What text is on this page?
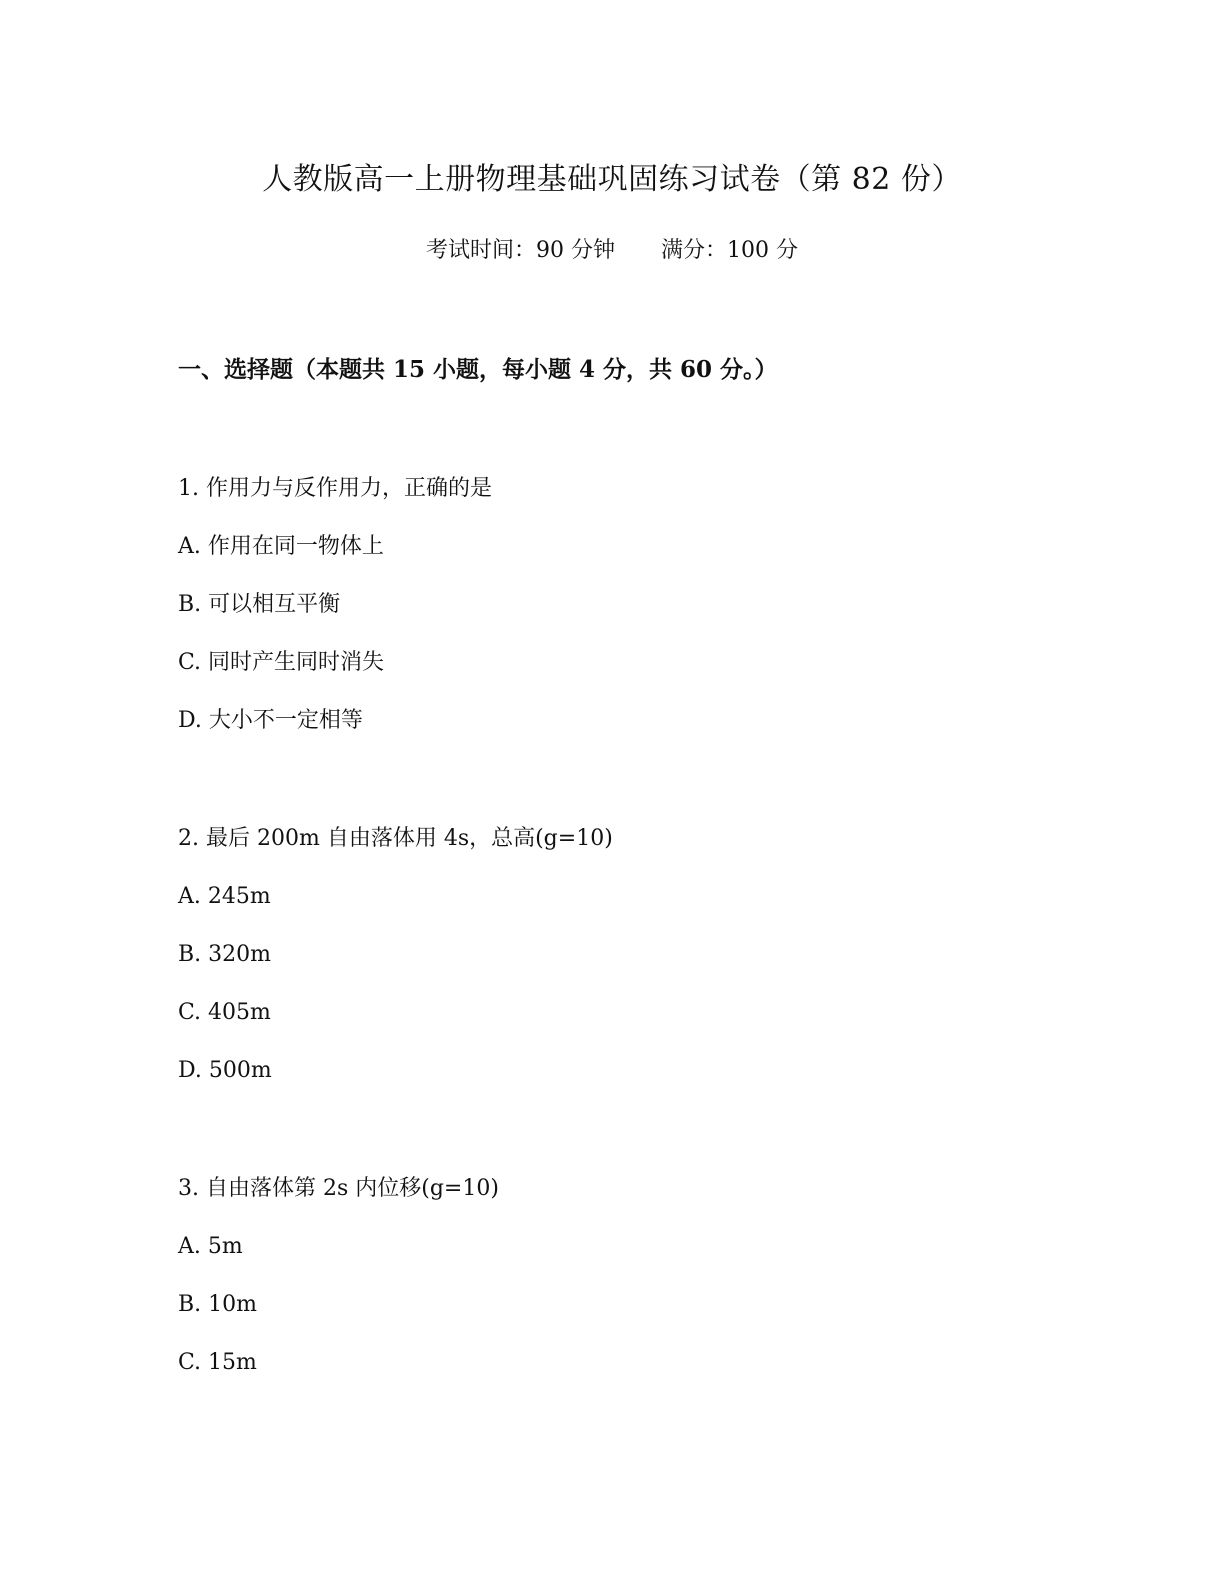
人教版高一上册物理基础巩固练习试卷（第 82 份）
考试时间：90 分钟 满分：100 分
一、选择题（本题共 15 小题，每小题 4 分，共 60 分。）
1. 作用力与反作用力，正确的是
A. 作用在同一物体上
B. 可以相互平衡
C. 同时产生同时消失
D. 大小不一定相等
2. 最后 200m 自由落体用 4s，总高(g=10)
A. 245m
B. 320m
C. 405m
D. 500m
3. 自由落体第 2s 内位移(g=10)
A. 5m
B. 10m
C. 15m
